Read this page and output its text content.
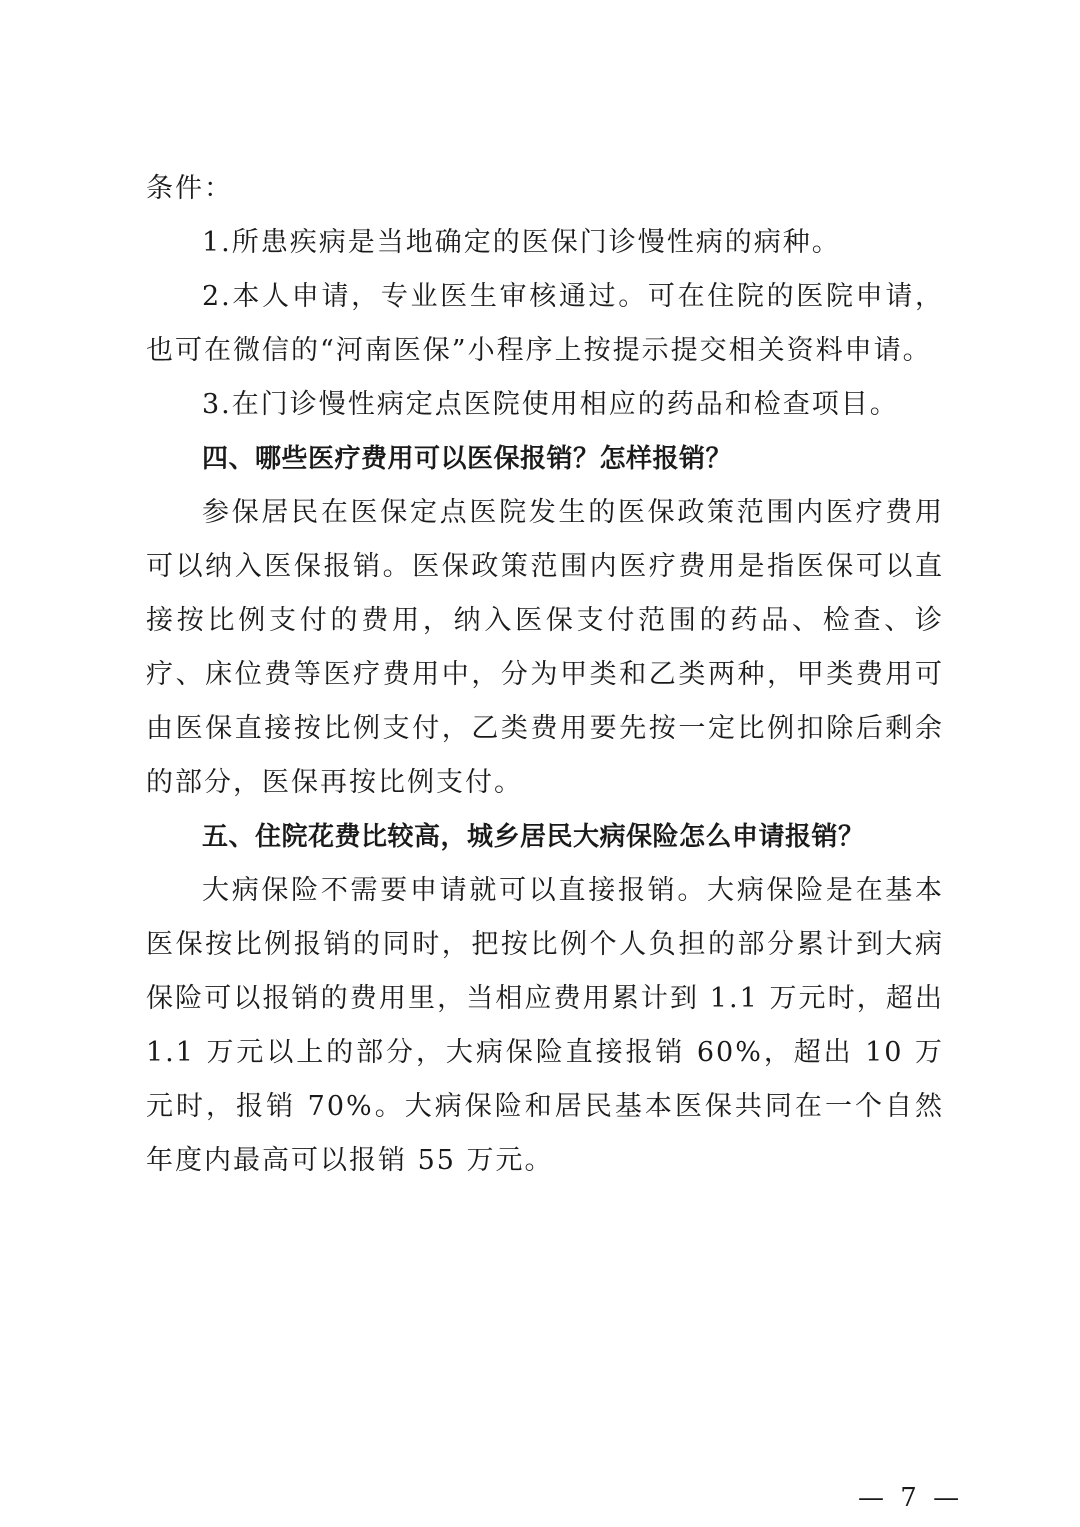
条件：

1.所患疾病是当地确定的医保门诊慢性病的病种。

2.本人申请，专业医生审核通过。可在住院的医院申请，也可在微信的“河南医保”小程序上按提示提交相关资料申请。

3.在门诊慢性病定点医院使用相应的药品和检查项目。

四、哪些医疗费用可以医保报销？怎样报销？

参保居民在医保定点医院发生的医保政策范围内医疗费用可以纳入医保报销。医保政策范围内医疗费用是指医保可以直接按比例支付的费用，纳入医保支付范围的药品、检查、诊疗、床位费等医疗费用中，分为甲类和乙类两种，甲类费用可由医保直接按比例支付，乙类费用要先按一定比例扣除后剩余的部分，医保再按比例支付。

五、住院花费比较高，城乡居民大病保险怎么申请报销？

大病保险不需要申请就可以直接报销。大病保险是在基本医保按比例报销的同时，把按比例个人负担的部分累计到大病保险可以报销的费用里，当相应费用累计到 1.1 万元时，超出 1.1 万元以上的部分，大病保险直接报销 60%，超出 10 万元时，报销 70%。大病保险和居民基本医保共同在一个自然年度内最高可以报销 55 万元。

— 7 —
